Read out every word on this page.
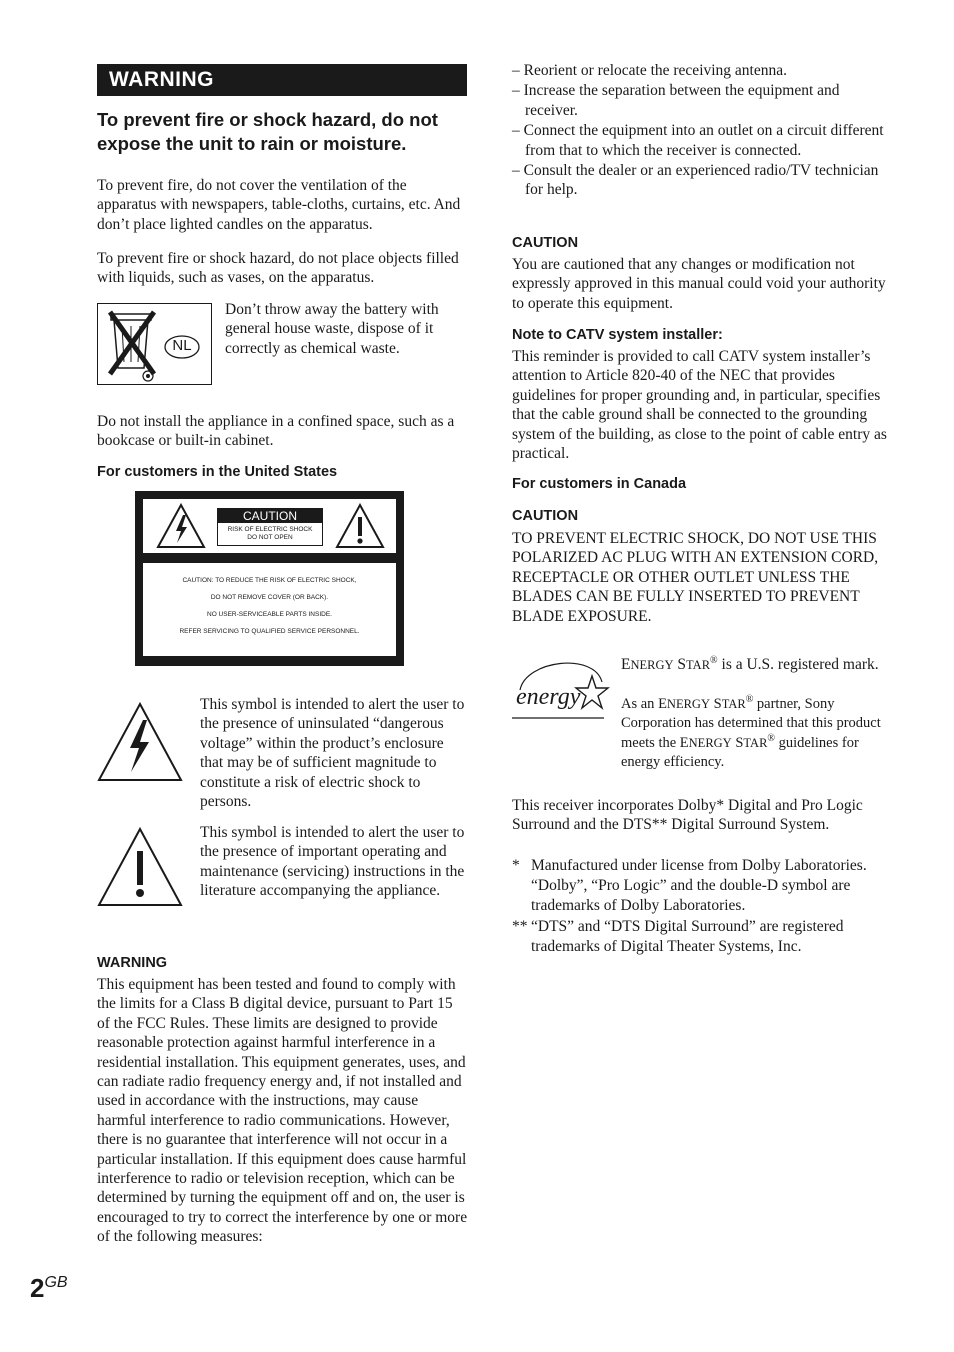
WARNING
To prevent fire or shock hazard, do not expose the unit to rain or moisture.

To prevent fire, do not cover the ventilation of the apparatus with newspapers, table-cloths, curtains, etc. And don’t place lighted candles on the apparatus.

To prevent fire or shock hazard, do not place objects filled with liquids, such as vases, on the apparatus.

NL

Don’t throw away the battery with general house waste, dispose of it correctly as chemical waste.

Do not install the appliance in a confined space, such as a bookcase or built-in cabinet.

For customers in the United States
CAUTION
RISK OF ELECTRIC SHOCK
DO NOT OPEN
CAUTION: TO REDUCE THE RISK OF ELECTRIC SHOCK,
DO NOT REMOVE COVER (OR BACK).
NO USER-SERVICEABLE PARTS INSIDE.
REFER SERVICING TO QUALIFIED SERVICE PERSONNEL.

This symbol is intended to alert the user to the presence of uninsulated “dangerous voltage” within the product’s enclosure that may be of sufficient magnitude to constitute a risk of electric shock to persons.

This symbol is intended to alert the user to the presence of important operating and maintenance (servicing) instructions in the literature accompanying the appliance.

WARNING

This equipment has been tested and found to comply with the limits for a Class B digital device, pursuant to Part 15 of the FCC Rules. These limits are designed to provide reasonable protection against harmful interference in a residential installation. This equipment generates, uses, and can radiate radio frequency energy and, if not installed and used in accordance with the instructions, may cause harmful interference to radio communications. However, there is no guarantee that interference will not occur in a particular installation. If this equipment does cause harmful interference to radio or television reception, which can be determined by turning the equipment off and on, the user is encouraged to try to correct the interference by one or more of the following measures:

$2^{GB}$
– Reorient or relocate the receiving antenna.
– Increase the separation between the equipment and receiver.
– Connect the equipment into an outlet on a circuit different from that to which the receiver is connected.
– Consult the dealer or an experienced radio/TV technician for help.
CAUTION

You are cautioned that any changes or modification not expressly approved in this manual could void your authority to operate this equipment.

Note to CATV system installer:

This reminder is provided to call CATV system installer’s attention to Article 820-40 of the NEC that provides guidelines for proper grounding and, in particular, specifies that the cable ground shall be connected to the grounding system of the building, as close to the point of cable entry as practical.

For customers in Canada
CAUTION

TO PREVENT ELECTRIC SHOCK, DO NOT USE THIS POLARIZED AC PLUG WITH AN EXTENSION CORD, RECEPTACLE OR OTHER OUTLET UNLESS THE BLADES CAN BE FULLY INSERTED TO PREVENT BLADE EXPOSURE.

energy
ENERGY STAR® is a U.S. registered mark.
As an ENERGY STAR® partner, Sony Corporation has determined that this product meets the ENERGY STAR® guidelines for energy efficiency.

This receiver incorporates Dolby* Digital and Pro Logic Surround and the DTS** Digital Surround System.

* Manufactured under license from Dolby Laboratories.
“Dolby”, “Pro Logic” and the double-D symbol are trademarks of Dolby Laboratories.
** “DTS” and “DTS Digital Surround” are registered trademarks of Digital Theater Systems, Inc.
